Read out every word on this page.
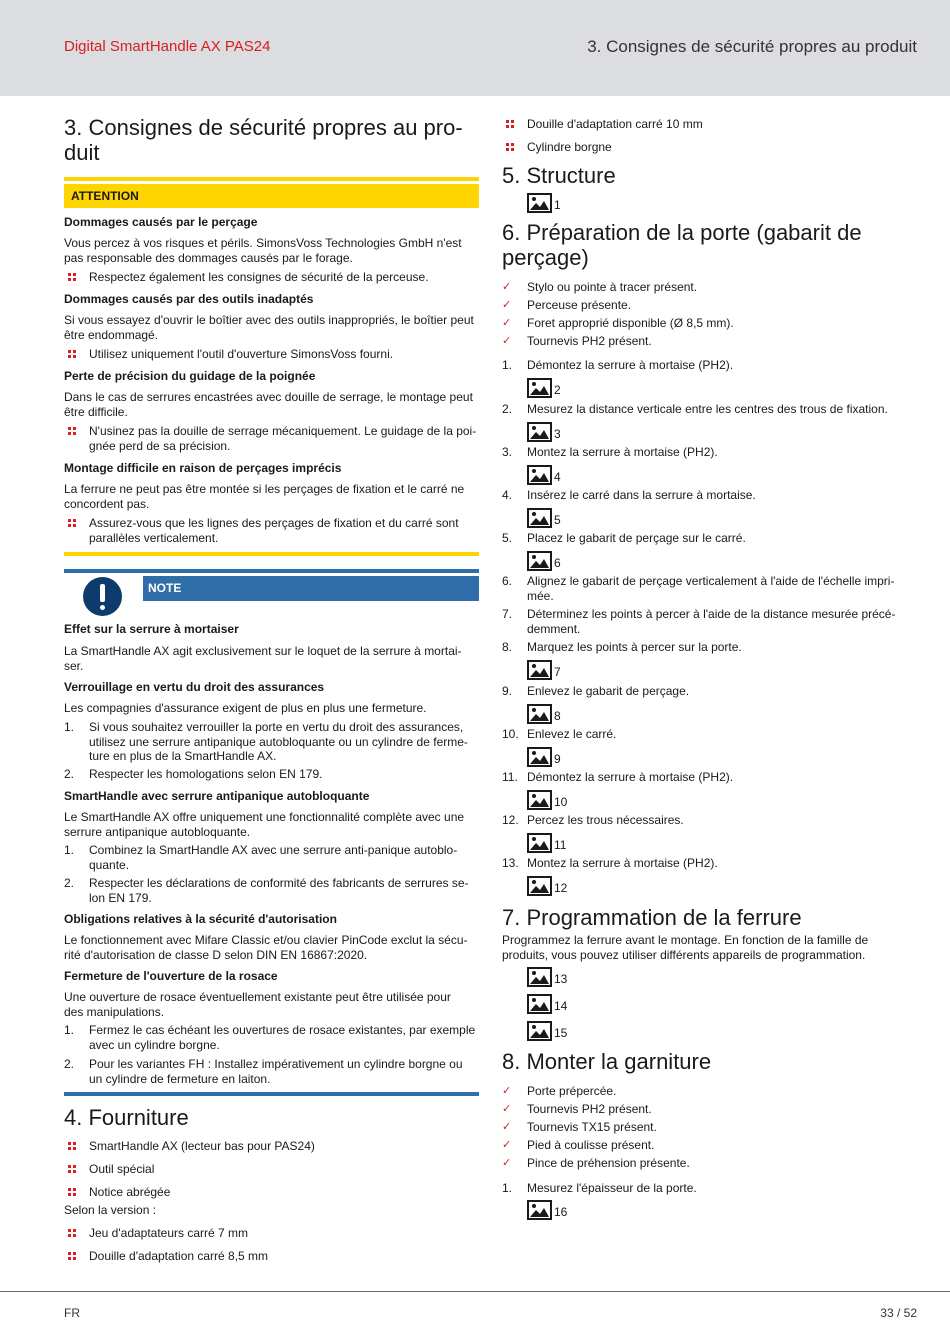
Digital SmartHandle AX PAS24	3. Consignes de sécurité propres au produit
3. Consignes de sécurité propres au pro-
duit
ATTENTION
Dommages causés par le perçage
Vous percez à vos risques et périls. SimonsVoss Technologies GmbH n'est pas responsable des dommages causés par le forage.
Respectez également les consignes de sécurité de la perceuse.
Dommages causés par des outils inadaptés
Si vous essayez d'ouvrir le boîtier avec des outils inappropriés, le boîtier peut être endommagé.
Utilisez uniquement l'outil d'ouverture SimonsVoss fourni.
Perte de précision du guidage de la poignée
Dans le cas de serrures encastrées avec douille de serrage, le montage peut être difficile.
N'usinez pas la douille de serrage mécaniquement. Le guidage de la poi-
gnée perd de sa précision.
Montage difficile en raison de perçages imprécis
La ferrure ne peut pas être montée si les perçages de fixation et le carré ne concordent pas.
Assurez-vous que les lignes des perçages de fixation et du carré sont
parallèles verticalement.
NOTE
Effet sur la serrure à mortaiser
La SmartHandle AX agit exclusivement sur le loquet de la serrure à mortai-
ser.
Verrouillage en vertu du droit des assurances
Les compagnies d'assurance exigent de plus en plus une fermeture.
1. Si vous souhaitez verrouiller la porte en vertu du droit des assurances,
utilisez une serrure antipanique autobloquante ou un cylindre de ferme-
ture en plus de la SmartHandle AX.
2. Respecter les homologations selon EN 179.
SmartHandle avec serrure antipanique autobloquante
Le SmartHandle AX offre uniquement une fonctionnalité complète avec une serrure antipanique autobloquante.
1. Combinez la SmartHandle AX avec une serrure anti-panique autoblo-
quante.
2. Respecter les déclarations de conformité des fabricants de serrures se-
lon EN 179.
Obligations relatives à la sécurité d'autorisation
Le fonctionnement avec Mifare Classic et/ou clavier PinCode exclut la sécu-
rité d'autorisation de classe D selon DIN EN 16867:2020.
Fermeture de l'ouverture de la rosace
Une ouverture de rosace éventuellement existante peut être utilisée pour des manipulations.
1. Fermez le cas échéant les ouvertures de rosace existantes, par exemple
avec un cylindre borgne.
2. Pour les variantes FH : Installez impérativement un cylindre borgne ou
un cylindre de fermeture en laiton.
4. Fourniture
SmartHandle AX (lecteur bas pour PAS24)
Outil spécial
Notice abrégée
Selon la version :
Jeu d'adaptateurs carré 7 mm
Douille d'adaptation carré 8,5 mm
Douille d'adaptation carré 10 mm
Cylindre borgne
5. Structure
6. Préparation de la porte (gabarit de
perçage)
7. Programmation de la ferrure
Programmez la ferrure avant le montage. En fonction de la famille de produits, vous pouvez utiliser différents appareils de programmation.
8. Monter la garniture
1
✓ Stylo ou pointe à tracer présent.
✓ Perceuse présente.
✓ Foret approprié disponible (Ø 8,5 mm).
✓ Tournevis PH2 présent.
1. Démontez la serrure à mortaise (PH2).
2
2. Mesurez la distance verticale entre les centres des trous de fixation.
3
3. Montez la serrure à mortaise (PH2).
4
4. Insérez le carré dans la serrure à mortaise.
5
5. Placez le gabarit de perçage sur le carré.
6
6. Alignez le gabarit de perçage verticalement à l'aide de l'échelle impri-
mée.
7. Déterminez les points à percer à l'aide de la distance mesurée précé-
demment.
8. Marquez les points à percer sur la porte.
7
9. Enlevez le gabarit de perçage.
8
10. Enlevez le carré.
9
11. Démontez la serrure à mortaise (PH2).
10
12. Percez les trous nécessaires.
11
13. Montez la serrure à mortaise (PH2).
12
13
14
15
✓ Porte prépercée.
✓ Tournevis PH2 présent.
✓ Tournevis TX15 présent.
✓ Pied à coulisse présent.
✓ Pince de préhension présente.
1. Mesurez l'épaisseur de la porte.
16
FR	33 / 52
